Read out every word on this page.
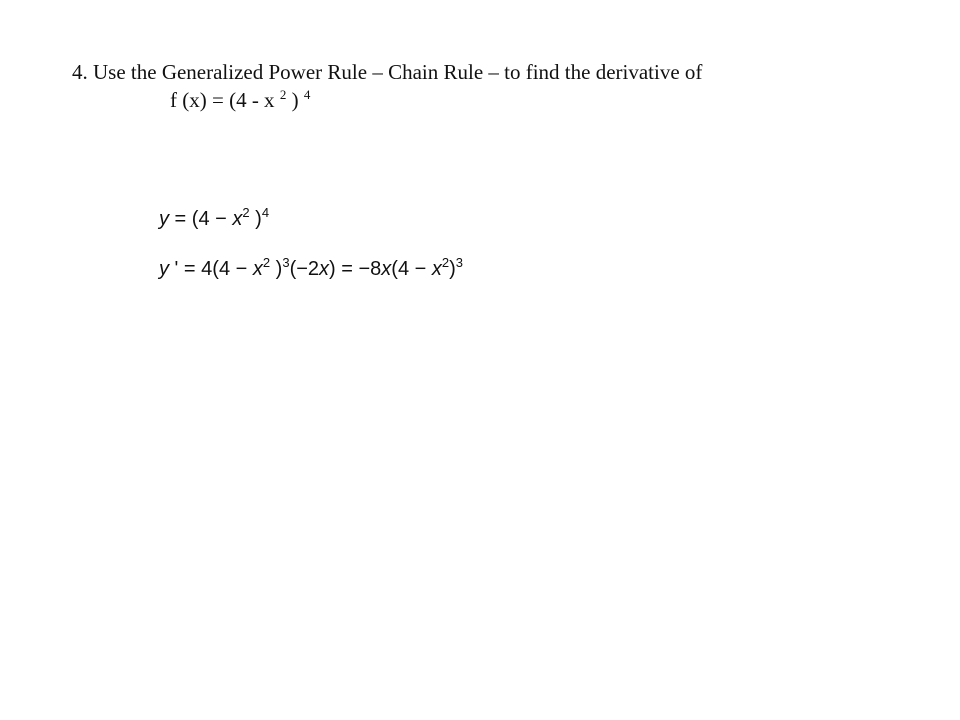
4. Use the Generalized Power Rule – Chain Rule – to find the derivative of
f (x) = (4 - x $^2$ ) $^4$
$y = (4 - x^2$ )$^4$
y ' = $4(4 - x^2$ )$^3(-2x) = -8x(4 - x^2)^3$
